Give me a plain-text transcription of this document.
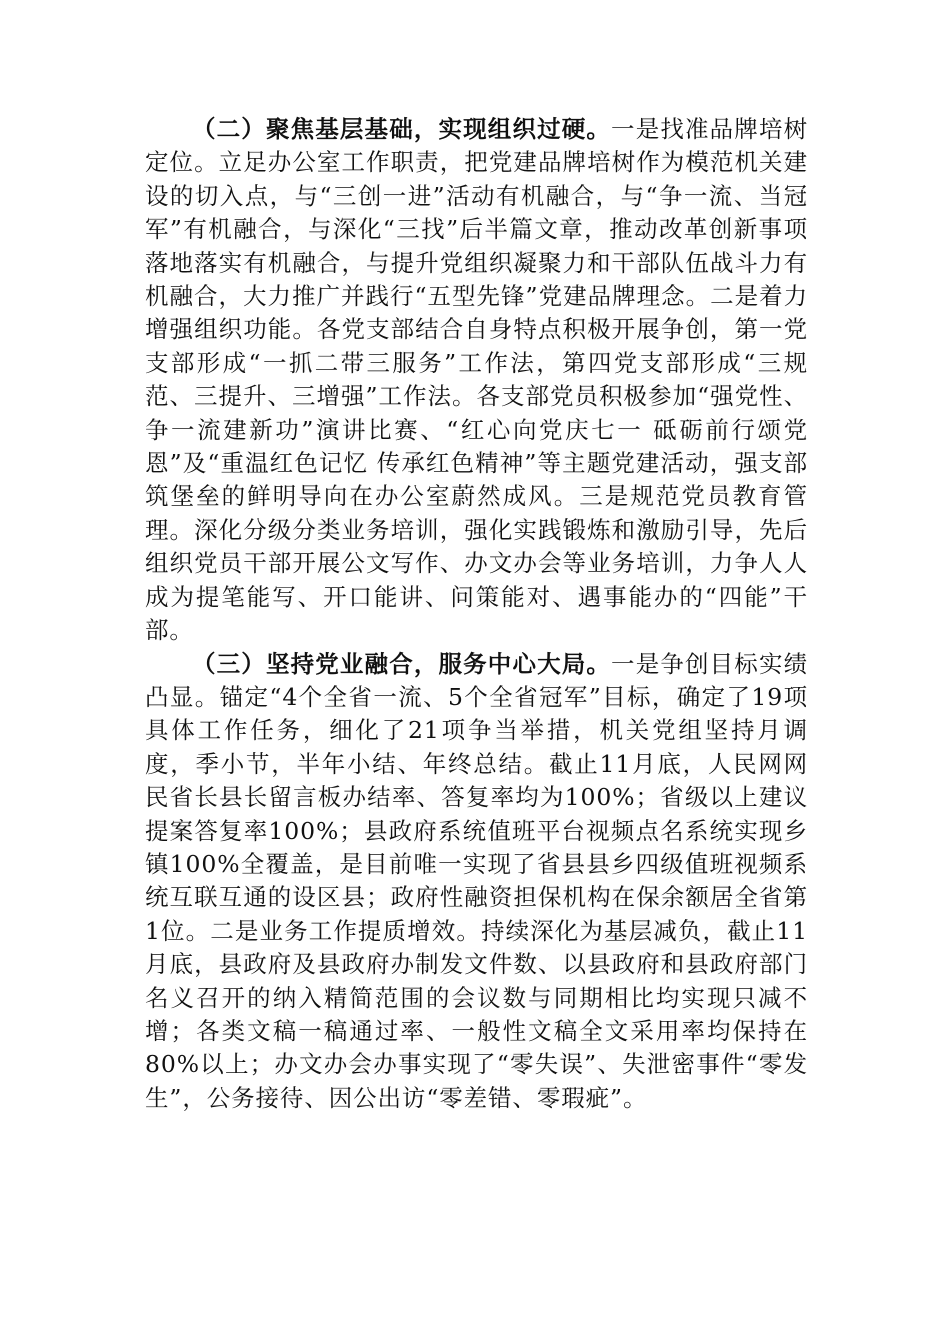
（二）聚焦基层基础，实现组织过硬。一是找准品牌培树定位。立足办公室工作职责，把党建品牌培树作为模范机关建设的切入点，与“三创一进”活动有机融合，与“争一流、当冠军”有机融合，与深化“三找”后半篇文章，推动改革创新事项落地落实有机融合，与提升党组织凝聚力和干部队伍战斗力有机融合，大力推广并践行“五型先锋”党建品牌理念。二是着力增强组织功能。各党支部结合自身特点积极开展争创，第一党支部形成“一抓二带三服务”工作法，第四党支部形成“三规范、三提升、三增强”工作法。各支部党员积极参加“强党性、争一流建新功”演讲比赛、“红心向党庆七一 砥砺前行颂党恩”及“重温红色记忆 传承红色精神”等主题党建活动，强支部筑堡垒的鲜明导向在办公室蔚然成风。三是规范党员教育管理。深化分级分类业务培训，强化实践锻炼和激励引导，先后组织党员干部开展公文写作、办文办会等业务培训，力争人人成为提笔能写、开口能讲、问策能对、遇事能办的“四能”干部。

（三）坚持党业融合，服务中心大局。一是争创目标实绩凸显。锚定“4个全省一流、5个全省冠军”目标，确定了19项具体工作任务，细化了21项争当举措，机关党组坚持月调度，季小节，半年小结、年终总结。截止11月底，人民网网民省长县长留言板办结率、答复率均为100%；省级以上建议提案答复率100%；县政府系统值班平台视频点名系统实现乡镇100%全覆盖，是目前唯一实现了省县县乡四级值班视频系统互联互通的设区县；政府性融资担保机构在保余额居全省第1位。二是业务工作提质增效。持续深化为基层减负，截止11月底，县政府及县政府办制发文件数、以县政府和县政府部门名义召开的纳入精简范围的会议数与同期相比均实现只减不增；各类文稿一稿通过率、一般性文稿全文采用率均保持在80%以上；办文办会办事实现了“零失误”、失泄密事件“零发生”，公务接待、因公出访“零差错、零瑕疵”。
